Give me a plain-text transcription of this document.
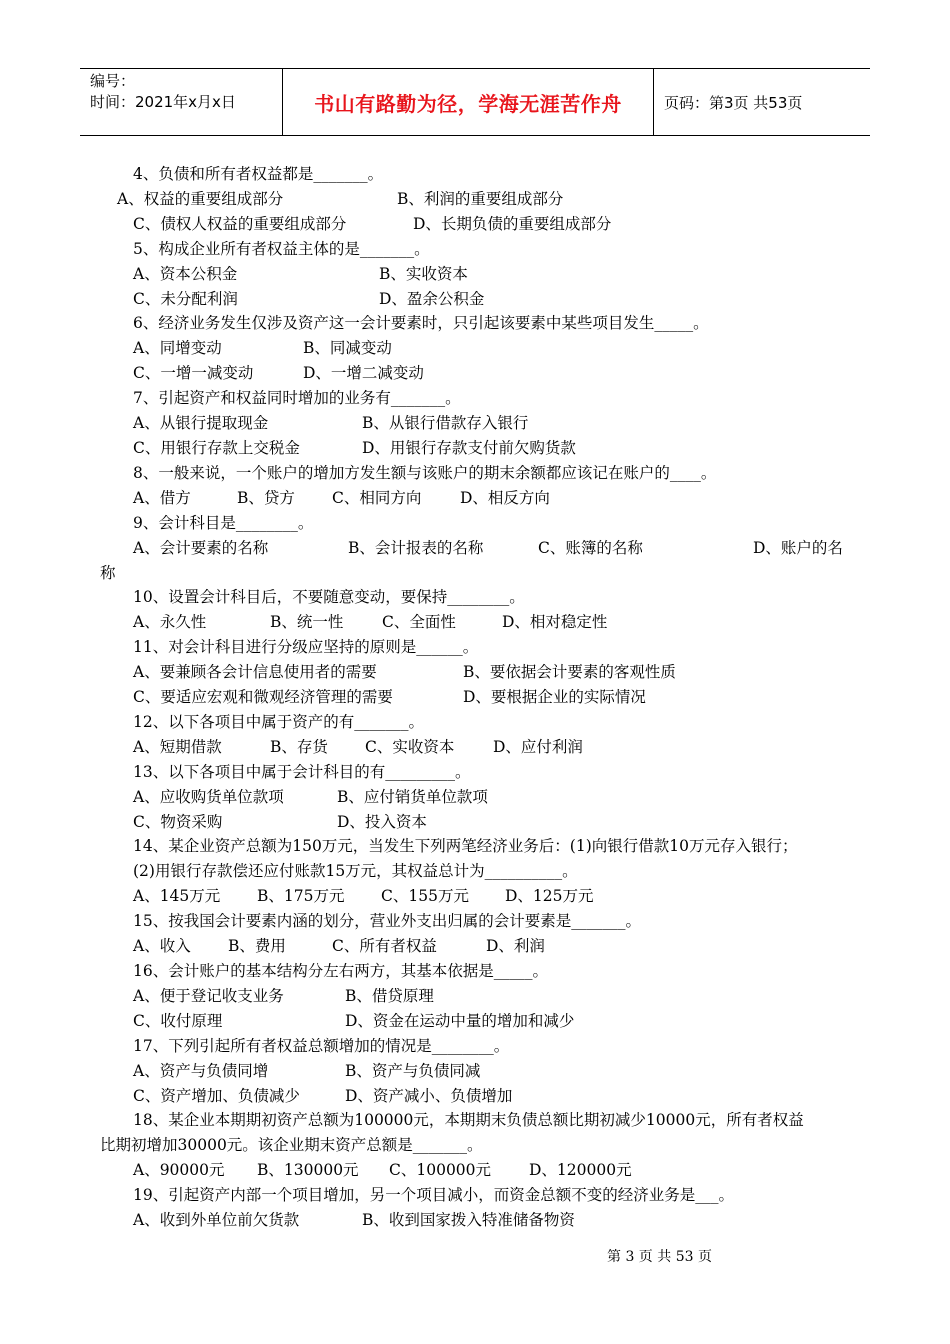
编号：
时间：2021年x月x日	书山有路勤为径，学海无涯苦作舟	页码：第3页 共53页
4、负债和所有者权益都是_______。
A、权益的重要组成部分	B、利润的重要组成部分
C、债权人权益的重要组成部分	D、长期负债的重要组成部分
5、构成企业所有者权益主体的是_______。
A、资本公积金	B、实收资本
C、未分配利润	D、盈余公积金
6、经济业务发生仅涉及资产这一会计要素时，只引起该要素中某些项目发生_____。
A、同增变动	B、同减变动
C、一增一减变动	D、一增二减变动
7、引起资产和权益同时增加的业务有_______。
A、从银行提取现金	B、从银行借款存入银行
C、用银行存款上交税金	D、用银行存款支付前欠购货款
8、一般来说，一个账户的增加方发生额与该账户的期末余额都应该记在账户的____。
A、借方	B、贷方 C、相同方向 D、相反方向
9、会计科目是________。
A、会计要素的名称	B、会计报表的名称	C、账簿的名称	D、账户的名
称
10、设置会计科目后，不要随意变动，要保持________。
A、永久性	B、统一性 C、全面性	D、相对稳定性
11、对会计科目进行分级应坚持的原则是______。
A、要兼顾各会计信息使用者的需要	B、要依据会计要素的客观性质
C、要适应宏观和微观经济管理的需要	D、要根据企业的实际情况
12、以下各项目中属于资产的有_______。
A、短期借款	B、存货 C、实收资本 D、应付利润
13、以下各项目中属于会计科目的有_________。
A、应收购货单位款项	B、应付销货单位款项
C、物资采购	D、投入资本
14、某企业资产总额为150万元，当发生下列两笔经济业务后：(1)向银行借款10万元存入银行；
(2)用银行存款偿还应付账款15万元，其权益总计为__________。
A、145万元 B、175万元 C、155万元 D、125万元
15、按我国会计要素内涵的划分，营业外支出归属的会计要素是_______。
A、收入 B、费用	C、所有者权益	D、利润
16、会计账户的基本结构分左右两方，其基本依据是_____。
A、便于登记收支业务	B、借贷原理
C、收付原理	D、资金在运动中量的增加和减少
17、下列引起所有者权益总额增加的情况是________。
A、资产与负债同增	B、资产与负债同减
C、资产增加、负债减少	D、资产减小、负债增加
18、某企业本期期初资产总额为100000元，本期期末负债总额比期初减少10000元，所有者权益
比期初增加30000元。该企业期末资产总额是_______。
A、90000元 B、130000元 C、100000元 D、120000元
19、引起资产内部一个项目增加，另一个项目减小，而资金总额不变的经济业务是___。
A、收到外单位前欠货款	B、收到国家拨入特准储备物资
第 3 页 共 53 页
